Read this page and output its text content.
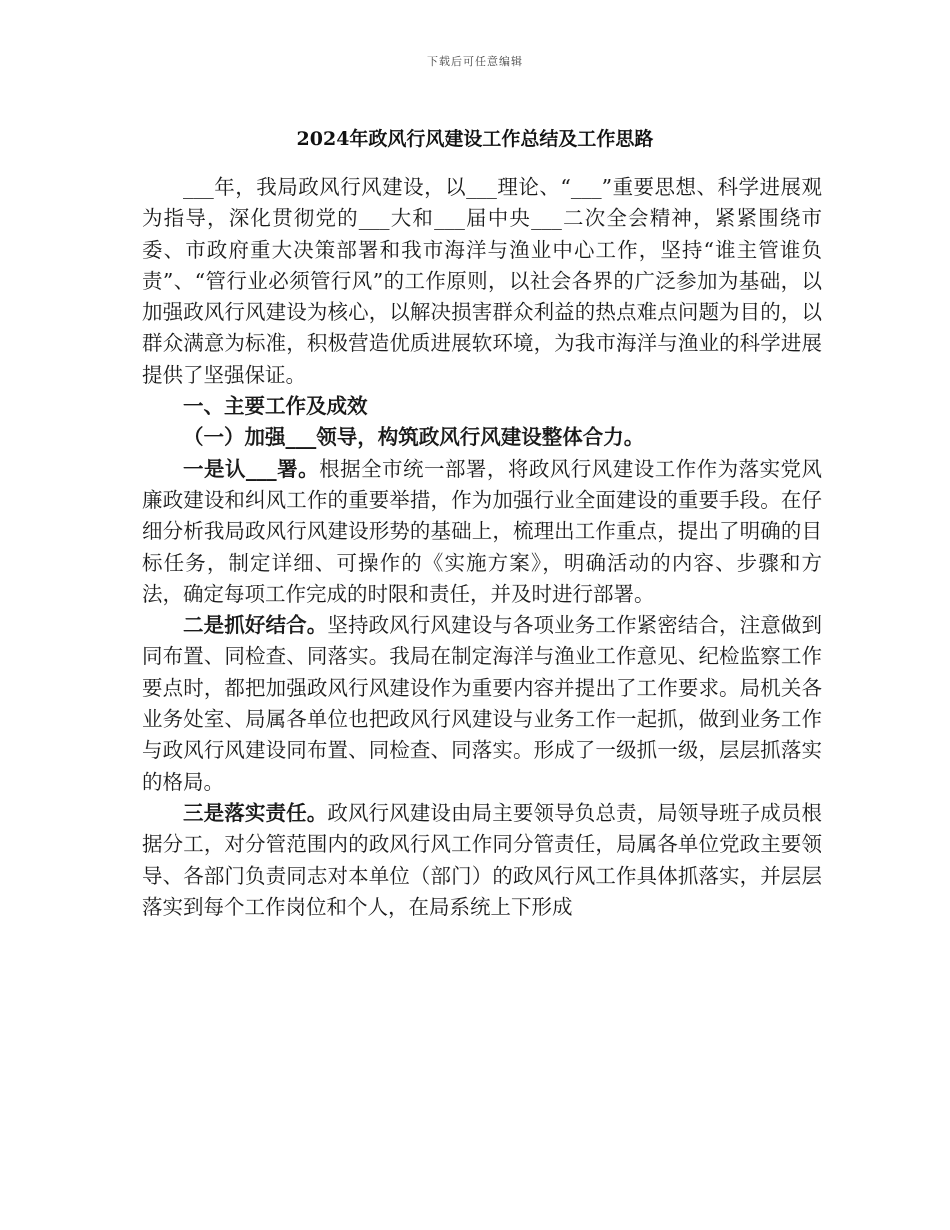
下载后可任意编辑
2024年政风行风建设工作总结及工作思路

___年，我局政风行风建设，以___理论、“___”重要思想、科学进展观为指导，深化贯彻党的___大和___届中央___二次全会精神，紧紧围绕市委、市政府重大决策部署和我市海洋与渔业中心工作，坚持“谁主管谁负责”、“管行业必须管行风”的工作原则，以社会各界的广泛参加为基础，以加强政风行风建设为核心，以解决损害群众利益的热点难点问题为目的，以群众满意为标准，积极营造优质进展软环境，为我市海洋与渔业的科学进展提供了坚强保证。

一、主要工作及成效

（一）加强___领导，构筑政风行风建设整体合力。

一是认___署。根据全市统一部署，将政风行风建设工作作为落实党风廉政建设和纠风工作的重要举措，作为加强行业全面建设的重要手段。在仔细分析我局政风行风建设形势的基础上，梳理出工作重点，提出了明确的目标任务，制定详细、可操作的《实施方案》，明确活动的内容、步骤和方法，确定每项工作完成的时限和责任，并及时进行部署。

二是抓好结合。坚持政风行风建设与各项业务工作紧密结合，注意做到同布置、同检查、同落实。我局在制定海洋与渔业工作意见、纪检监察工作要点时，都把加强政风行风建设作为重要内容并提出了工作要求。局机关各业务处室、局属各单位也把政风行风建设与业务工作一起抓，做到业务工作与政风行风建设同布置、同检查、同落实。形成了一级抓一级，层层抓落实的格局。

三是落实责任。政风行风建设由局主要领导负总责，局领导班子成员根据分工，对分管范围内的政风行风工作同分管责任，局属各单位党政主要领导、各部门负责同志对本单位（部门）的政风行风工作具体抓落实，并层层落实到每个工作岗位和个人，在局系统上下形成
